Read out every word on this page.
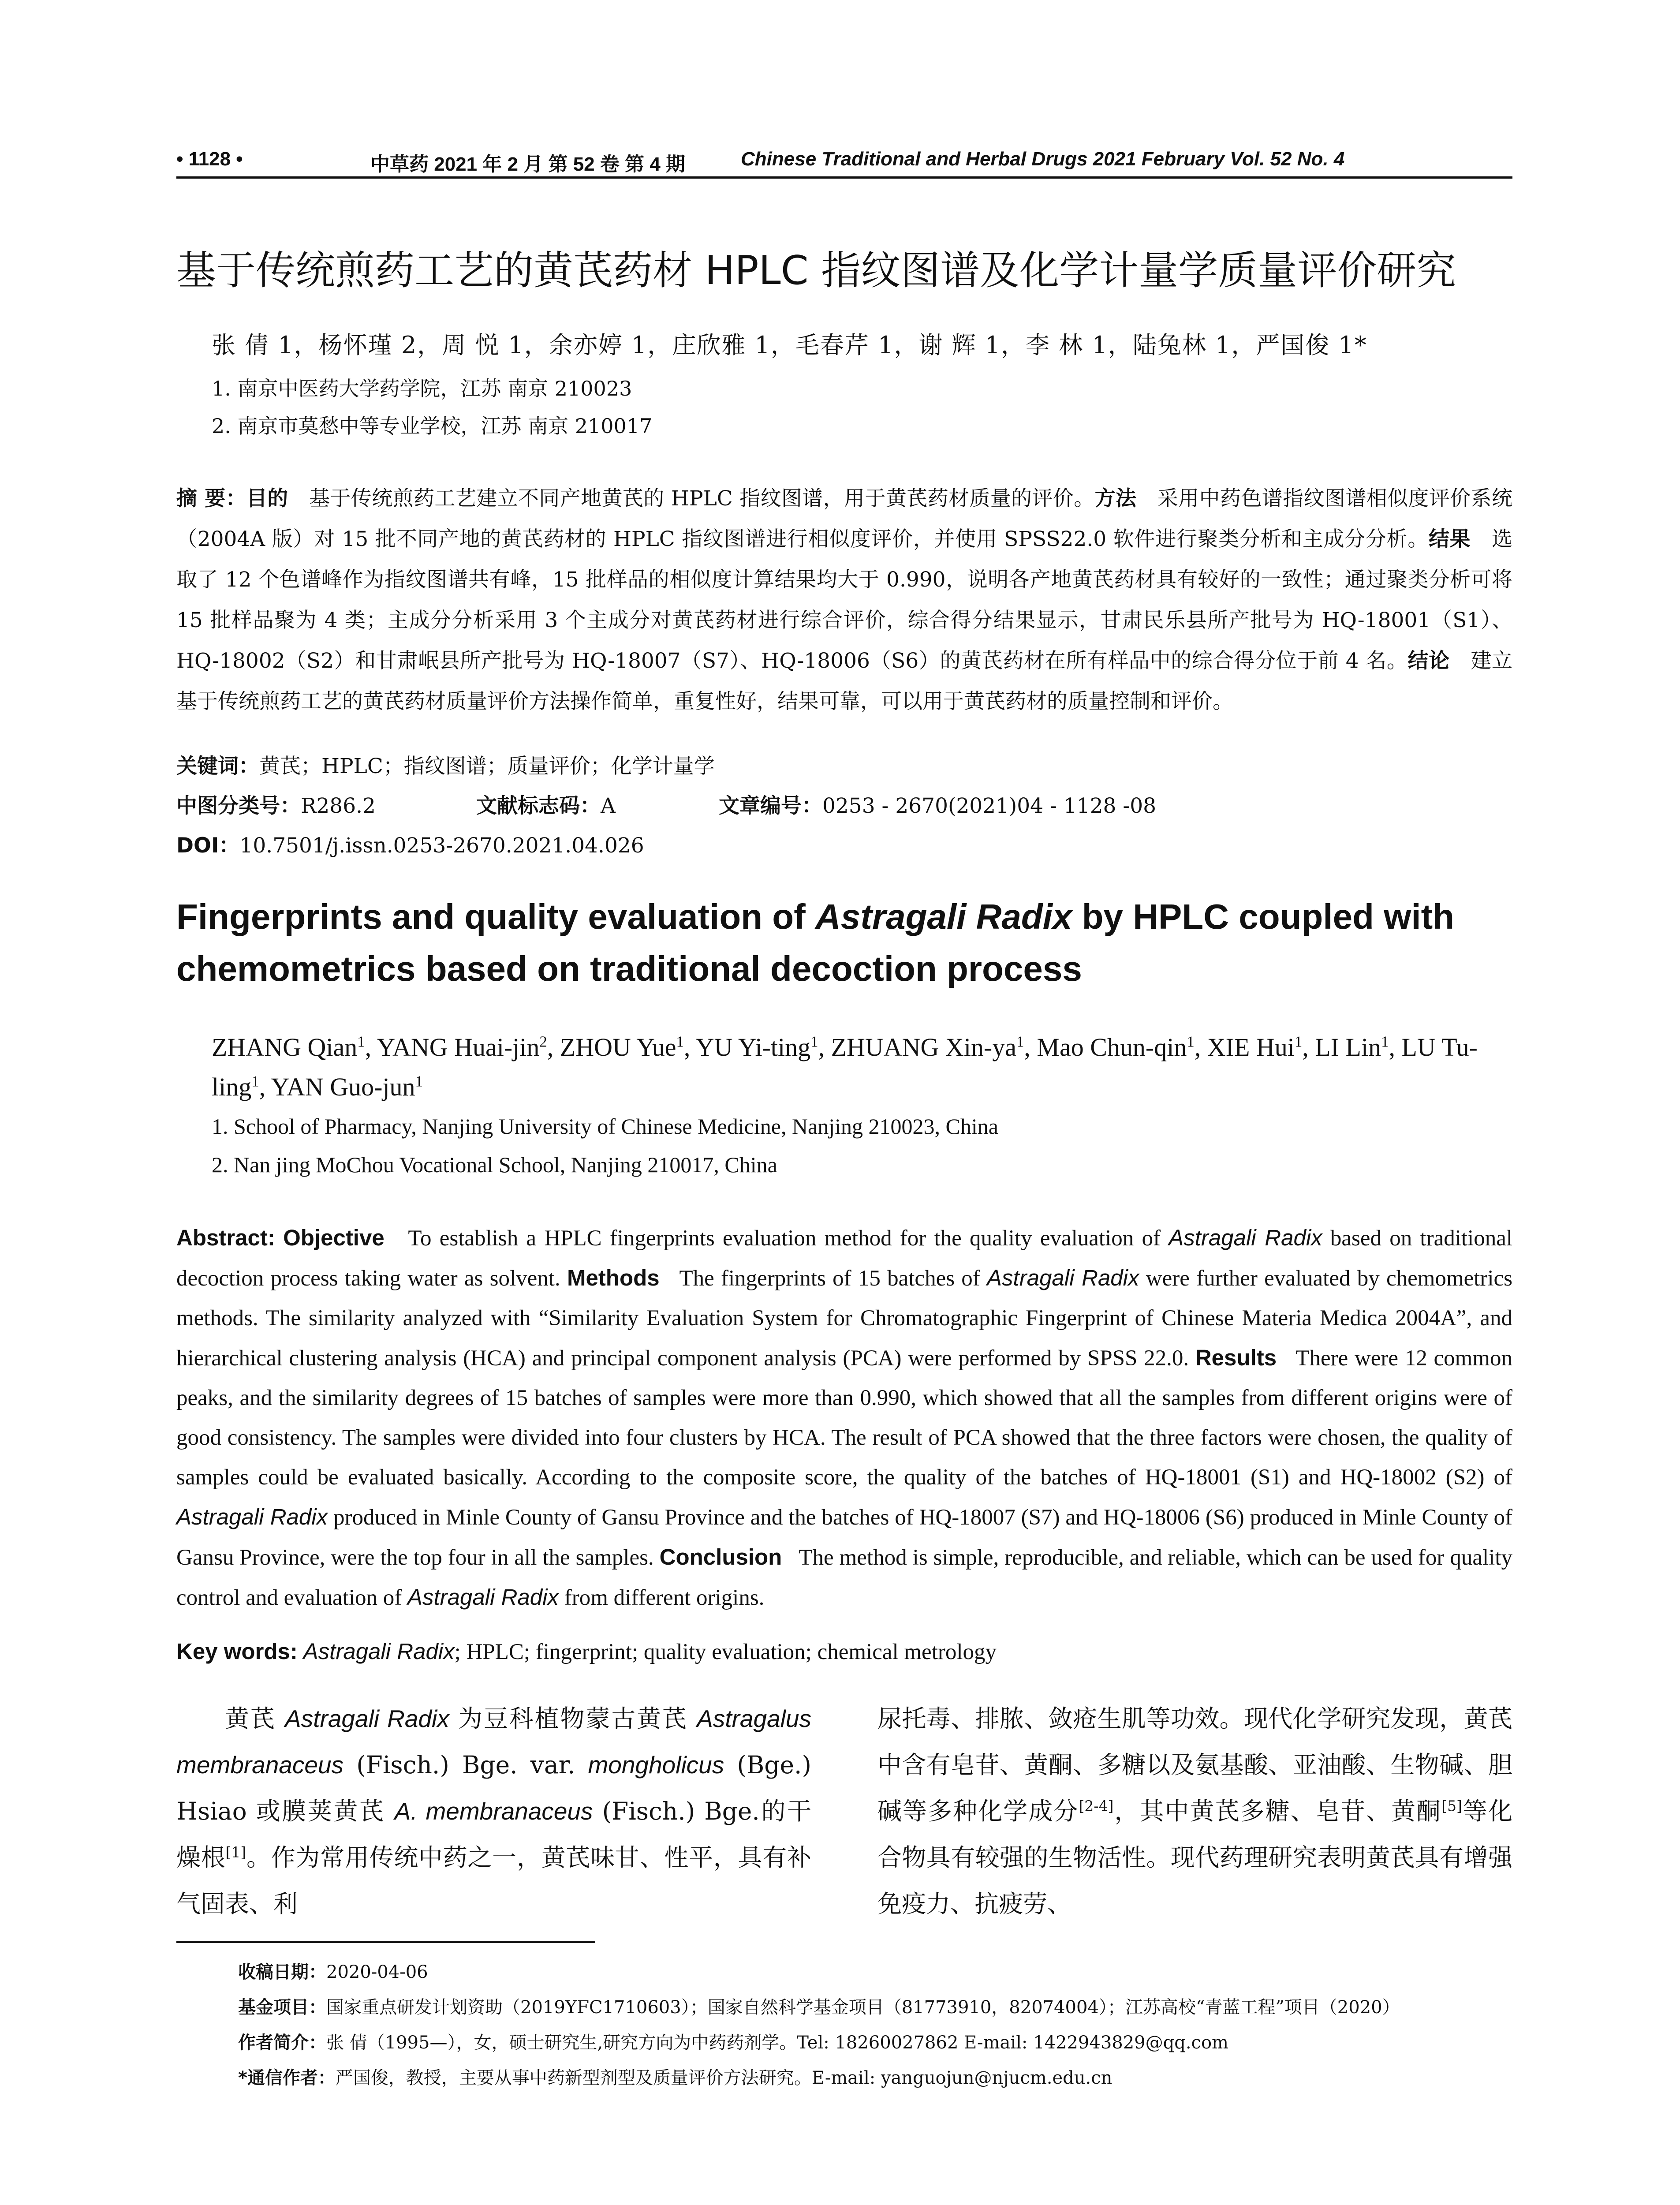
• 1128 •	中草药 2021 年 2 月 第 52 卷 第 4 期	Chinese Traditional and Herbal Drugs 2021 February Vol. 52 No. 4
基于传统煎药工艺的黄芪药材 HPLC 指纹图谱及化学计量学质量评价研究
张 倩 1，杨怀瑾 2，周 悦 1，余亦婷 1，庄欣雅 1，毛春芹 1，谢 辉 1，李 林 1，陆兔林 1，严国俊 1*
1. 南京中医药大学药学院，江苏 南京 210023
2. 南京市莫愁中等专业学校，江苏 南京 210017
摘 要：目的　 基于传统煎药工艺建立不同产地黄芪的 HPLC 指纹图谱，用于黄芪药材质量的评价。方法　 采用中药色谱指纹图谱相似度评价系统（2004A 版）对 15 批不同产地的黄芪药材的 HPLC 指纹图谱进行相似度评价，并使用 SPSS22.0 软件进行聚类分析和主成分分析。结果　 选取了 12 个色谱峰作为指纹图谱共有峰，15 批样品的相似度计算结果均大于 0.990，说明各产地黄芪药材具有较好的一致性；通过聚类分析可将 15 批样品聚为 4 类；主成分分析采用 3 个主成分对黄芪药材进行综合评价，综合得分结果显示，甘肃民乐县所产批号为 HQ-18001（S1）、HQ-18002（S2）和甘肃岷县所产批号为 HQ-18007（S7）、HQ-18006（S6）的黄芪药材在所有样品中的综合得分位于前 4 名。结论　 建立基于传统煎药工艺的黄芪药材质量评价方法操作简单，重复性好，结果可靠，可以用于黄芪药材的质量控制和评价。
关键词：黄芪；HPLC；指纹图谱；质量评价；化学计量学
中图分类号：R286.2	文献标志码：A	文章编号：0253 - 2670(2021)04 - 1128 -08
DOI：10.7501/j.issn.0253-2670.2021.04.026
Fingerprints and quality evaluation of Astragali Radix by HPLC coupled with chemometrics based on traditional decoction process
ZHANG Qian$^1$, YANG Huai-jin$^2$, ZHOU Yue$^1$, YU Yi-ting$^1$, ZHUANG Xin-$ya^1$, Mao Chun-qin$^1$, XIE Hui$^1$, LI Lin$^1$, LU Tu-ling$^1$, YAN Guo-jun$^1$
1. School of Pharmacy, Nanjing University of Chinese Medicine, Nanjing 210023, China
2. Nan jing MoChou Vocational School, Nanjing 210017, China
Abstract: Objective To establish a HPLC fingerprints evaluation method for the quality evaluation of Astragali Radix based on traditional decoction process taking water as solvent. Methods The fingerprints of 15 batches of Astragali Radix were further evaluated by chemometrics methods. The similarity analyzed with “Similarity Evaluation System for Chromatographic Fingerprint of Chinese Materia Medica 2004A”, and hierarchical clustering analysis (HCA) and principal component analysis (PCA) were performed by SPSS 22.0. Results There were 12 common peaks, and the similarity degrees of 15 batches of samples were more than 0.990, which showed that all the samples from different origins were of good consistency. The samples were divided into four clusters by HCA. The result of PCA showed that the three factors were chosen, the quality of samples could be evaluated basically. According to the composite score, the quality of the batches of HQ-18001 (S1) and HQ-18002 (S2) of Astragali Radix produced in Minle County of Gansu Province and the batches of HQ-18007 (S7) and HQ-18006 (S6) produced in Minle County of Gansu Province, were the top four in all the samples. Conclusion The method is simple, reproducible, and reliable, which can be used for quality control and evaluation of Astragali Radix from different origins.
Key words: Astragali Radix; HPLC; fingerprint; quality evaluation; chemical metrology
黄芪 Astragali Radix 为豆科植物蒙古黄芪 Astragalus membranaceus (Fisch.) Bge. var. mongholicus (Bge.) Hsiao 或膜荚黄芪 A. membranaceus (Fisch.) Bge.的干燥根[1]。作为常用传统中药之一，黄芪味甘、性平，具有补气固表、利
尿托毒、排脓、敛疮生肌等功效。现代化学研究发现，黄芪中含有皂苷、黄酮、多糖以及氨基酸、亚油酸、生物碱、胆碱等多种化学成分[2-4]，其中黄芪多糖、皂苷、黄酮[5]等化合物具有较强的生物活性。现代药理研究表明黄芪具有增强免疫力、抗疲劳、
收稿日期：2020-04-06
基金项目：国家重点研发计划资助（2019YFC1710603）；国家自然科学基金项目（81773910，82074004）；江苏高校“青蓝工程”项目（2020）
作者简介：张 倩（1995—），女，硕士研究生,研究方向为中药药剂学。Tel: 18260027862 E-mail: 1422943829@qq.com
*通信作者：严国俊，教授，主要从事中药新型剂型及质量评价方法研究。E-mail: yanguojun@njucm.edu.cn
